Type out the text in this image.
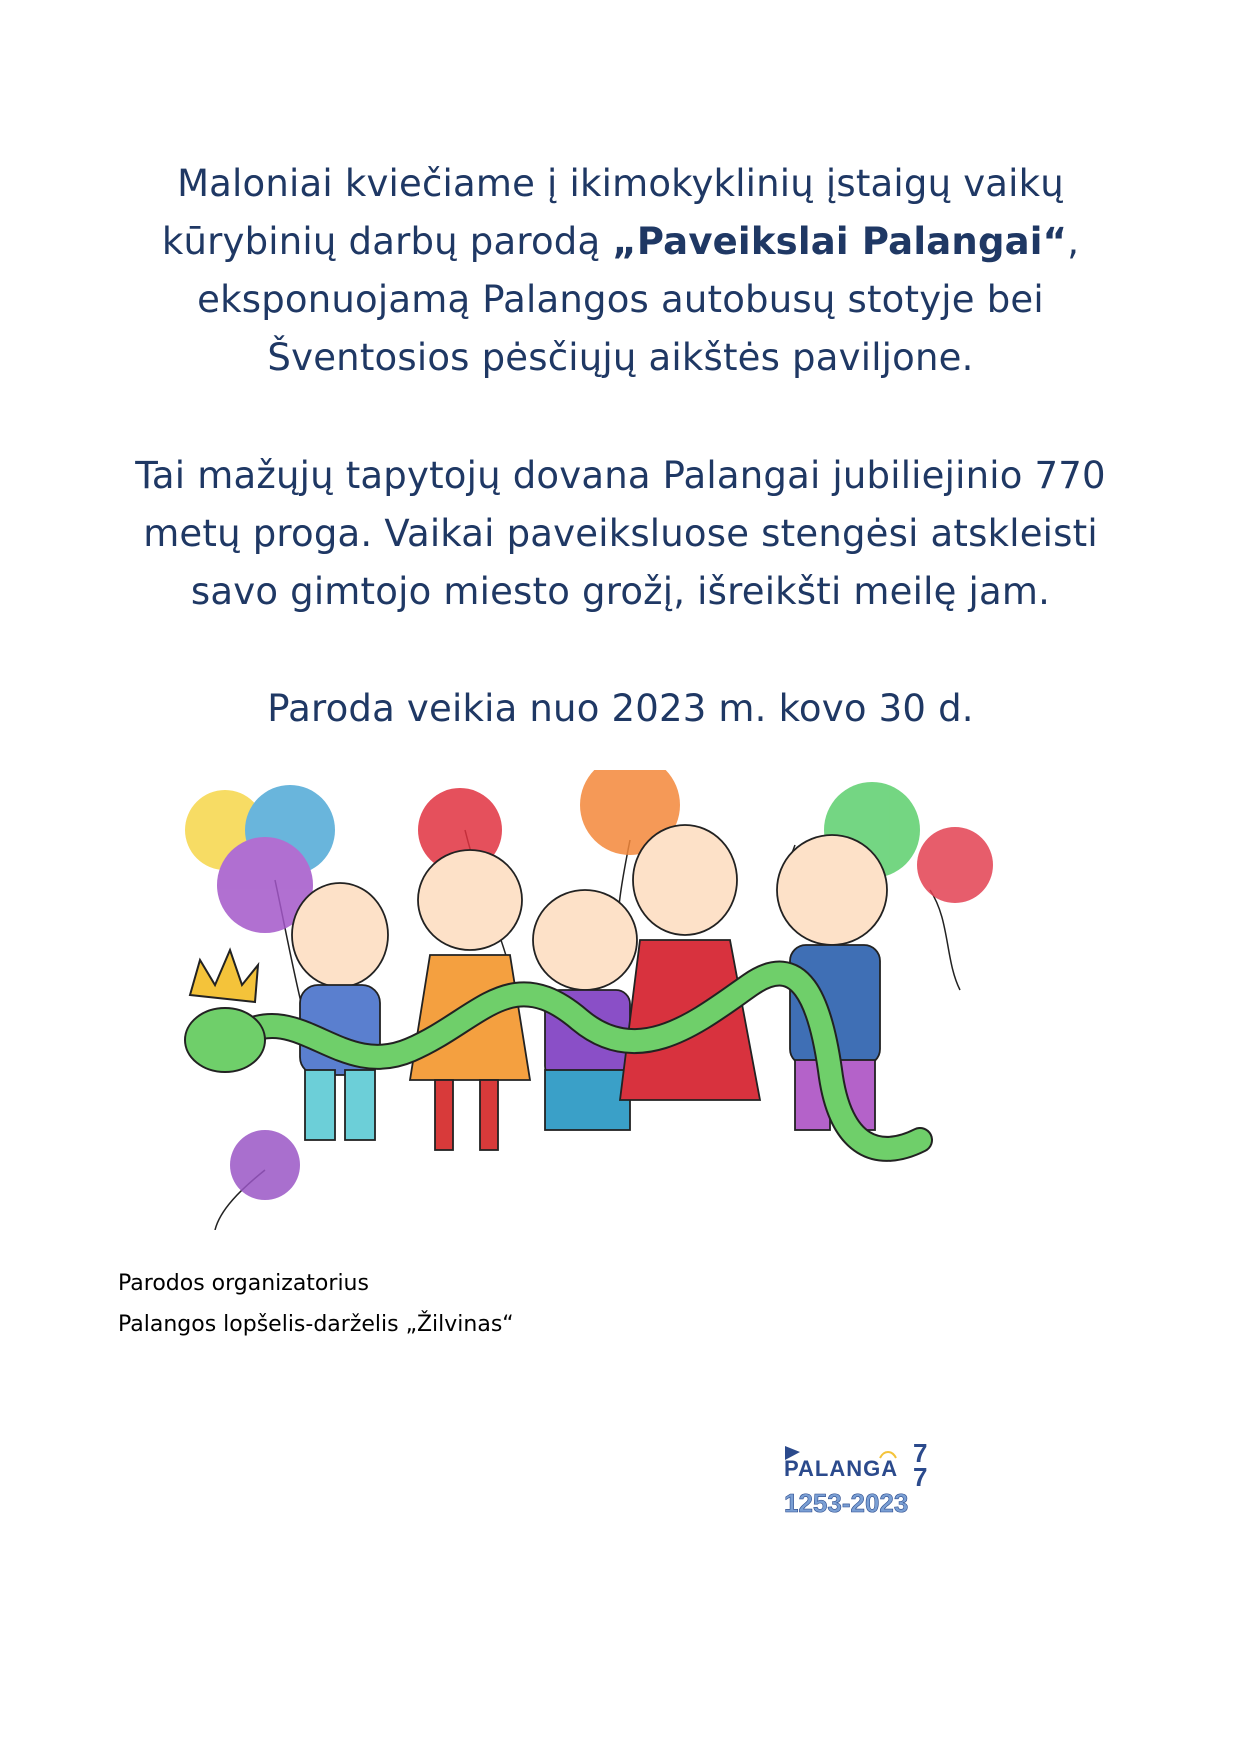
Maloniai kviečiame į ikimokyklinių įstaigų vaikų
kūrybinių darbų parodą „Paveikslai Palangai“,
eksponuojamą Palangos autobusų stotyje bei
Šventosios pėsčiųjų aikštės paviljone.
Tai mažųjų tapytojų dovana Palangai jubiliejinio 770
metų proga. Vaikai paveiksluose stengėsi atskleisti
savo gimtojo miesto grožį, išreikšti meilę jam.
Paroda veikia nuo 2023 m. kovo 30 d.
Parodos organizatorius
Palangos lopšelis-darželis „Žilvinas“
PALANGA
7
7
1253-2023
